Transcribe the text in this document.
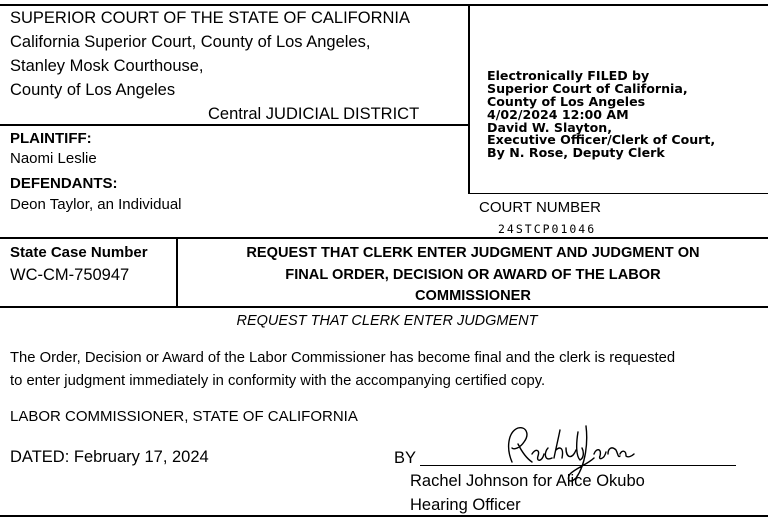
SUPERIOR COURT OF THE STATE OF CALIFORNIA
California Superior Court, County of Los Angeles,
Stanley Mosk Courthouse,
County of Los Angeles
Central JUDICIAL DISTRICT
Electronically FILED by
Superior Court of California,
County of Los Angeles
4/02/2024 12:00 AM
David W. Slayton,
Executive Officer/Clerk of Court,
By N. Rose, Deputy Clerk
PLAINTIFF:
Naomi Leslie
DEFENDANTS:
Deon Taylor, an Individual	COURT NUMBER
24STCP01046
State Case Number
WC-CM-750947
REQUEST THAT CLERK ENTER JUDGMENT AND JUDGMENT ON
FINAL ORDER, DECISION OR AWARD OF THE LABOR
COMMISSIONER
REQUEST THAT CLERK ENTER JUDGMENT
The Order, Decision or Award of the Labor Commissioner has become final and the clerk is requested
to enter judgment immediately in conformity with the accompanying certified copy.
LABOR COMMISSIONER, STATE OF CALIFORNIA
DATED: February 17, 2024	BY
Rachel Johnson for Alice Okubo
Hearing Officer
